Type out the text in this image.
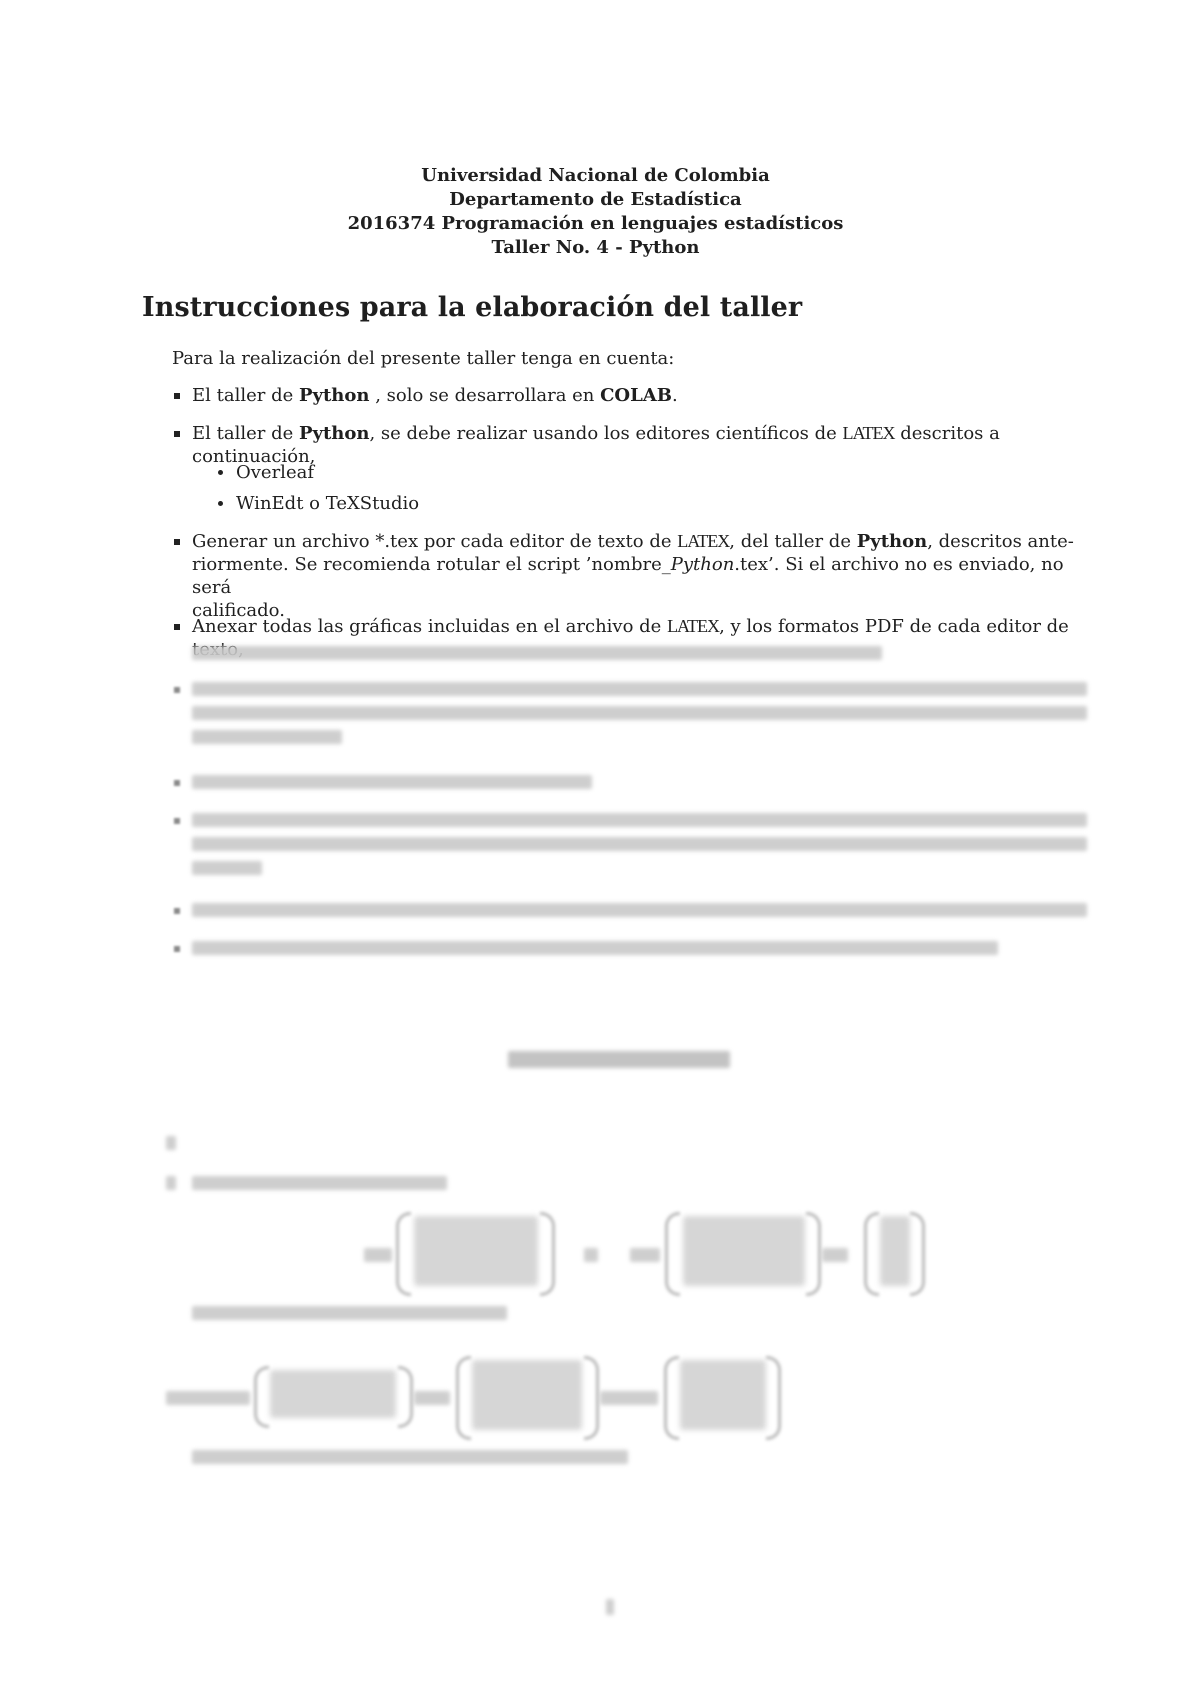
Universidad Nacional de Colombia
Departamento de Estadística
2016374 Programación en lenguajes estadísticos
Taller No. 4 - Python
Instrucciones para la elaboración del taller
Para la realización del presente taller tenga en cuenta:
El taller de Python , solo se desarrollara en COLAB.
El taller de Python, se debe realizar usando los editores científicos de LATEX descritos a continuación,
Overleaf
WinEdt o TeXStudio
Generar un archivo *.tex por cada editor de texto de LATEX, del taller de Python, descritos ante-
riormente. Se recomienda rotular el script ’nombre_Python.tex’. Si el archivo no es enviado, no será
calificado.
Anexar todas las gráficas incluidas en el archivo de LATEX, y los formatos PDF de cada editor de
